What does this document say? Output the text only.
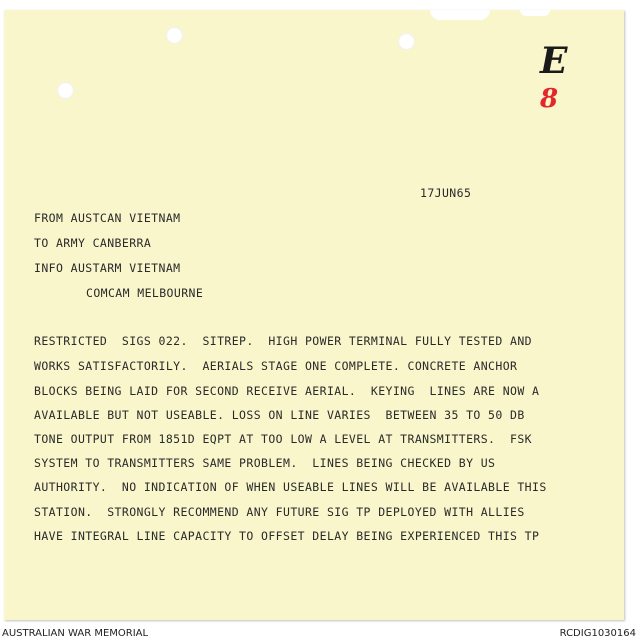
E
8
17JUN65
FROM AUSTCAN VIETNAM
TO ARMY CANBERRA
INFO AUSTARM VIETNAM
COMCAM MELBOURNE
RESTRICTED  SIGS 022.  SITREP.  HIGH POWER TERMINAL FULLY TESTED AND
WORKS SATISFACTORILY.  AERIALS STAGE ONE COMPLETE. CONCRETE ANCHOR
BLOCKS BEING LAID FOR SECOND RECEIVE AERIAL.  KEYING  LINES ARE NOW A
AVAILABLE BUT NOT USEABLE. LOSS ON LINE VARIES  BETWEEN 35 TO 50 DB
TONE OUTPUT FROM 1851D EQPT AT TOO LOW A LEVEL AT TRANSMITTERS.  FSK
SYSTEM TO TRANSMITTERS SAME PROBLEM.  LINES BEING CHECKED BY US
AUTHORITY.  NO INDICATION OF WHEN USEABLE LINES WILL BE AVAILABLE THIS
STATION.  STRONGLY RECOMMEND ANY FUTURE SIG TP DEPLOYED WITH ALLIES
HAVE INTEGRAL LINE CAPACITY TO OFFSET DELAY BEING EXPERIENCED THIS TP
AUSTRALIAN WAR MEMORIAL	RCDIG1030164
